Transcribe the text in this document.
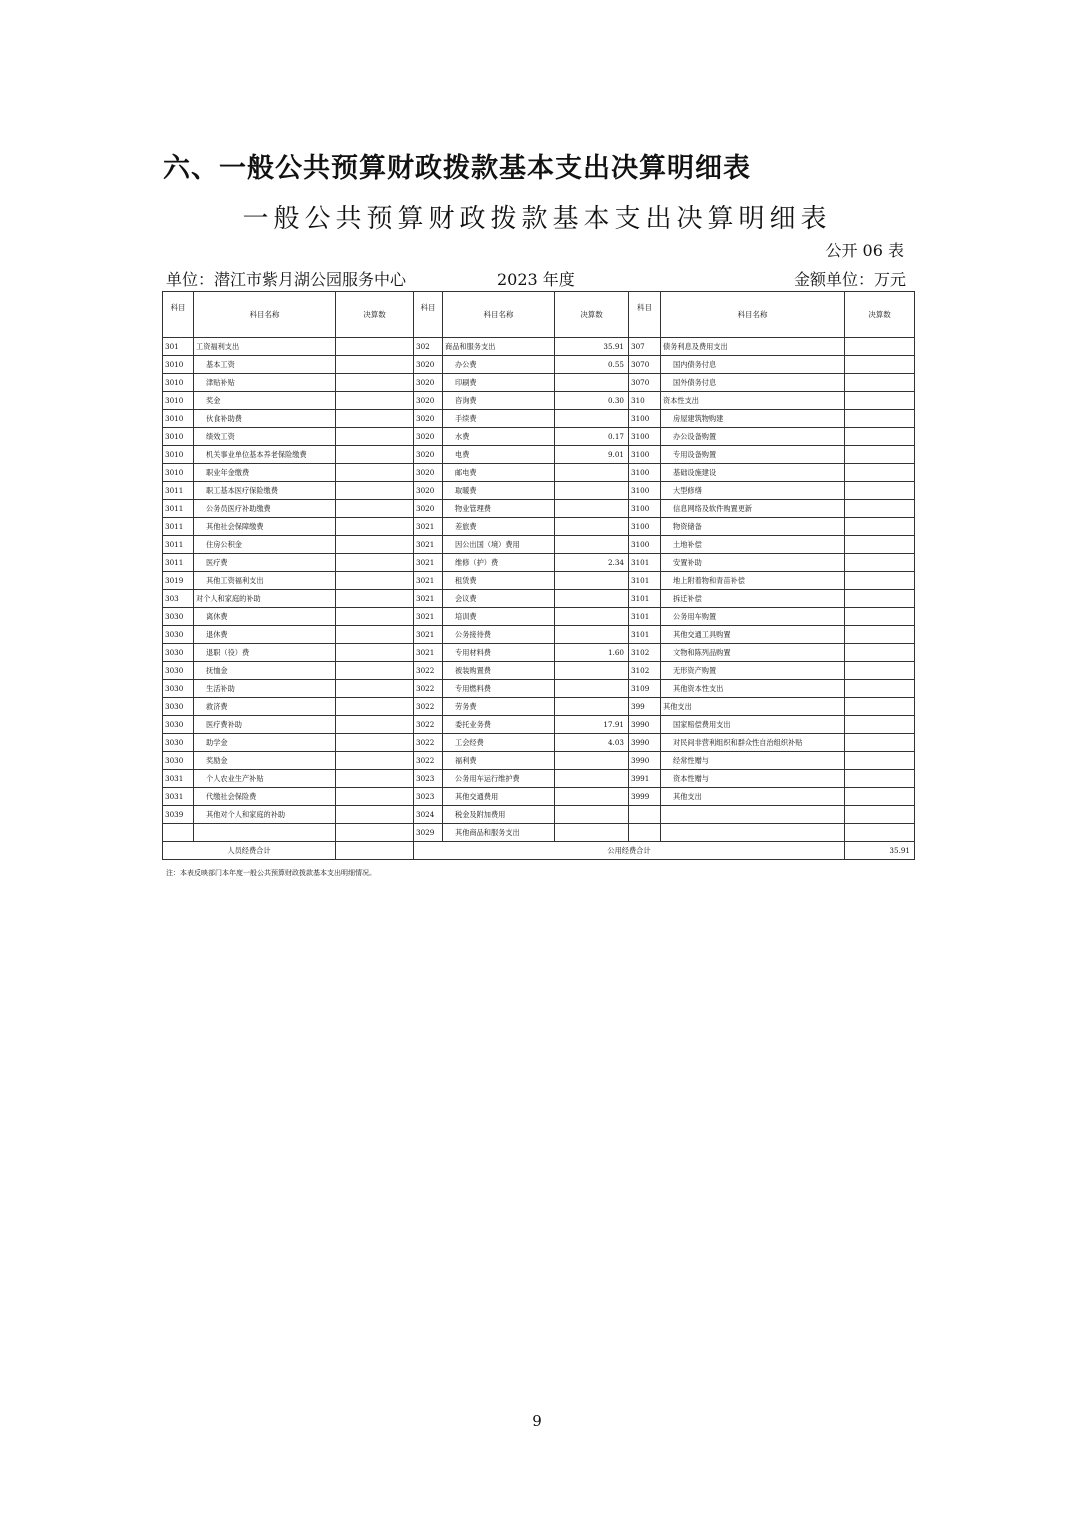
六、一般公共预算财政拨款基本支出决算明细表
一般公共预算财政拨款基本支出决算明细表
公开 06 表
单位：潜江市紫月湖公园服务中心	2023 年度	金额单位：万元
科目	科目名称	决算数	科目	科目名称	决算数	科目	科目名称	决算数
301	工资福利支出		302	商品和服务支出	35.91	307	债务利息及费用支出	
3010	基本工资		3020	办公费	0.55	3070	国内债务付息	
3010	津贴补贴		3020	印刷费		3070	国外债务付息	
3010	奖金		3020	咨询费	0.30	310	资本性支出	
3010	伙食补助费		3020	手续费		3100	房屋建筑物购建	
3010	绩效工资		3020	水费	0.17	3100	办公设备购置	
3010	机关事业单位基本养老保险缴费		3020	电费	9.01	3100	专用设备购置	
3010	职业年金缴费		3020	邮电费		3100	基础设施建设	
3011	职工基本医疗保险缴费		3020	取暖费		3100	大型修缮	
3011	公务员医疗补助缴费		3020	物业管理费		3100	信息网络及软件购置更新	
3011	其他社会保障缴费		3021	差旅费		3100	物资储备	
3011	住房公积金		3021	因公出国（境）费用		3100	土地补偿	
3011	医疗费		3021	维修（护）费	2.34	3101	安置补助	
3019	其他工资福利支出		3021	租赁费		3101	地上附着物和青苗补偿	
303	对个人和家庭的补助		3021	会议费		3101	拆迁补偿	
3030	离休费		3021	培训费		3101	公务用车购置	
3030	退休费		3021	公务接待费		3101	其他交通工具购置	
3030	退职（役）费		3021	专用材料费	1.60	3102	文物和陈列品购置	
3030	抚恤金		3022	被装购置费		3102	无形资产购置	
3030	生活补助		3022	专用燃料费		3109	其他资本性支出	
3030	救济费		3022	劳务费		399	其他支出	
3030	医疗费补助		3022	委托业务费	17.91	3990	国家赔偿费用支出	
3030	助学金		3022	工会经费	4.03	3990	对民间非营利组织和群众性自治组织补贴	
3030	奖励金		3022	福利费		3990	经常性赠与	
3031	个人农业生产补贴		3023	公务用车运行维护费		3991	资本性赠与	
3031	代缴社会保险费		3023	其他交通费用		3999	其他支出	
3039	其他对个人和家庭的补助		3024	税金及附加费用				
			3029	其他商品和服务支出				
人员经费合计			公用经费合计					35.91
注：本表反映部门本年度一般公共预算财政拨款基本支出明细情况。
9
